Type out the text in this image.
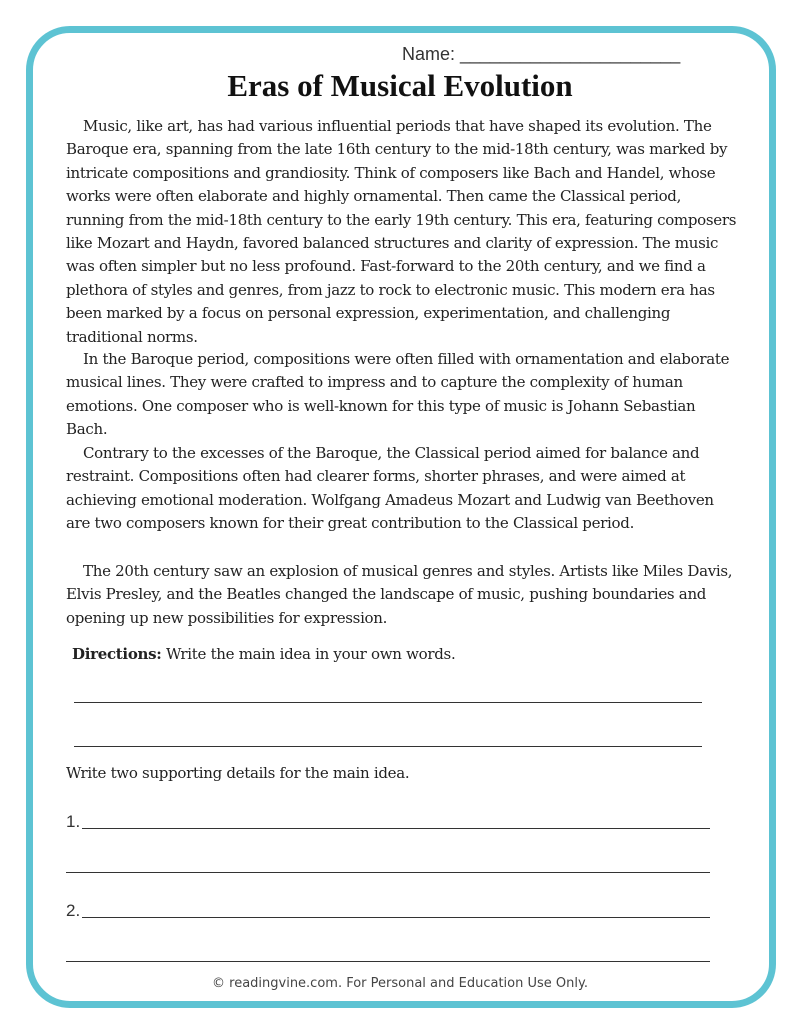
Name: ______________________
Eras of Musical Evolution

Music, like art, has had various influential periods that have shaped its evolution. The Baroque era, spanning from the late 16th century to the mid-18th century, was marked by intricate compositions and grandiosity. Think of composers like Bach and Handel, whose works were often elaborate and highly ornamental. Then came the Classical period, running from the mid-18th century to the early 19th century. This era, featuring composers like Mozart and Haydn, favored balanced structures and clarity of expression. The music was often simpler but no less profound. Fast-forward to the 20th century, and we find a plethora of styles and genres, from jazz to rock to electronic music. This modern era has been marked by a focus on personal expression, experimentation, and challenging traditional norms.

In the Baroque period, compositions were often filled with ornamentation and elaborate musical lines. They were crafted to impress and to capture the complexity of human emotions. One composer who is well-known for this type of music is Johann Sebastian Bach.

Contrary to the excesses of the Baroque, the Classical period aimed for balance and restraint. Compositions often had clearer forms, shorter phrases, and were aimed at achieving emotional moderation. Wolfgang Amadeus Mozart and Ludwig van Beethoven are two composers known for their great contribution to the Classical period.

The 20th century saw an explosion of musical genres and styles. Artists like Miles Davis, Elvis Presley, and the Beatles changed the landscape of music, pushing boundaries and opening up new possibilities for expression.

Directions: Write the main idea in your own words.
Write two supporting details for the main idea.
1.
2.
© readingvine.com. For Personal and Education Use Only.
